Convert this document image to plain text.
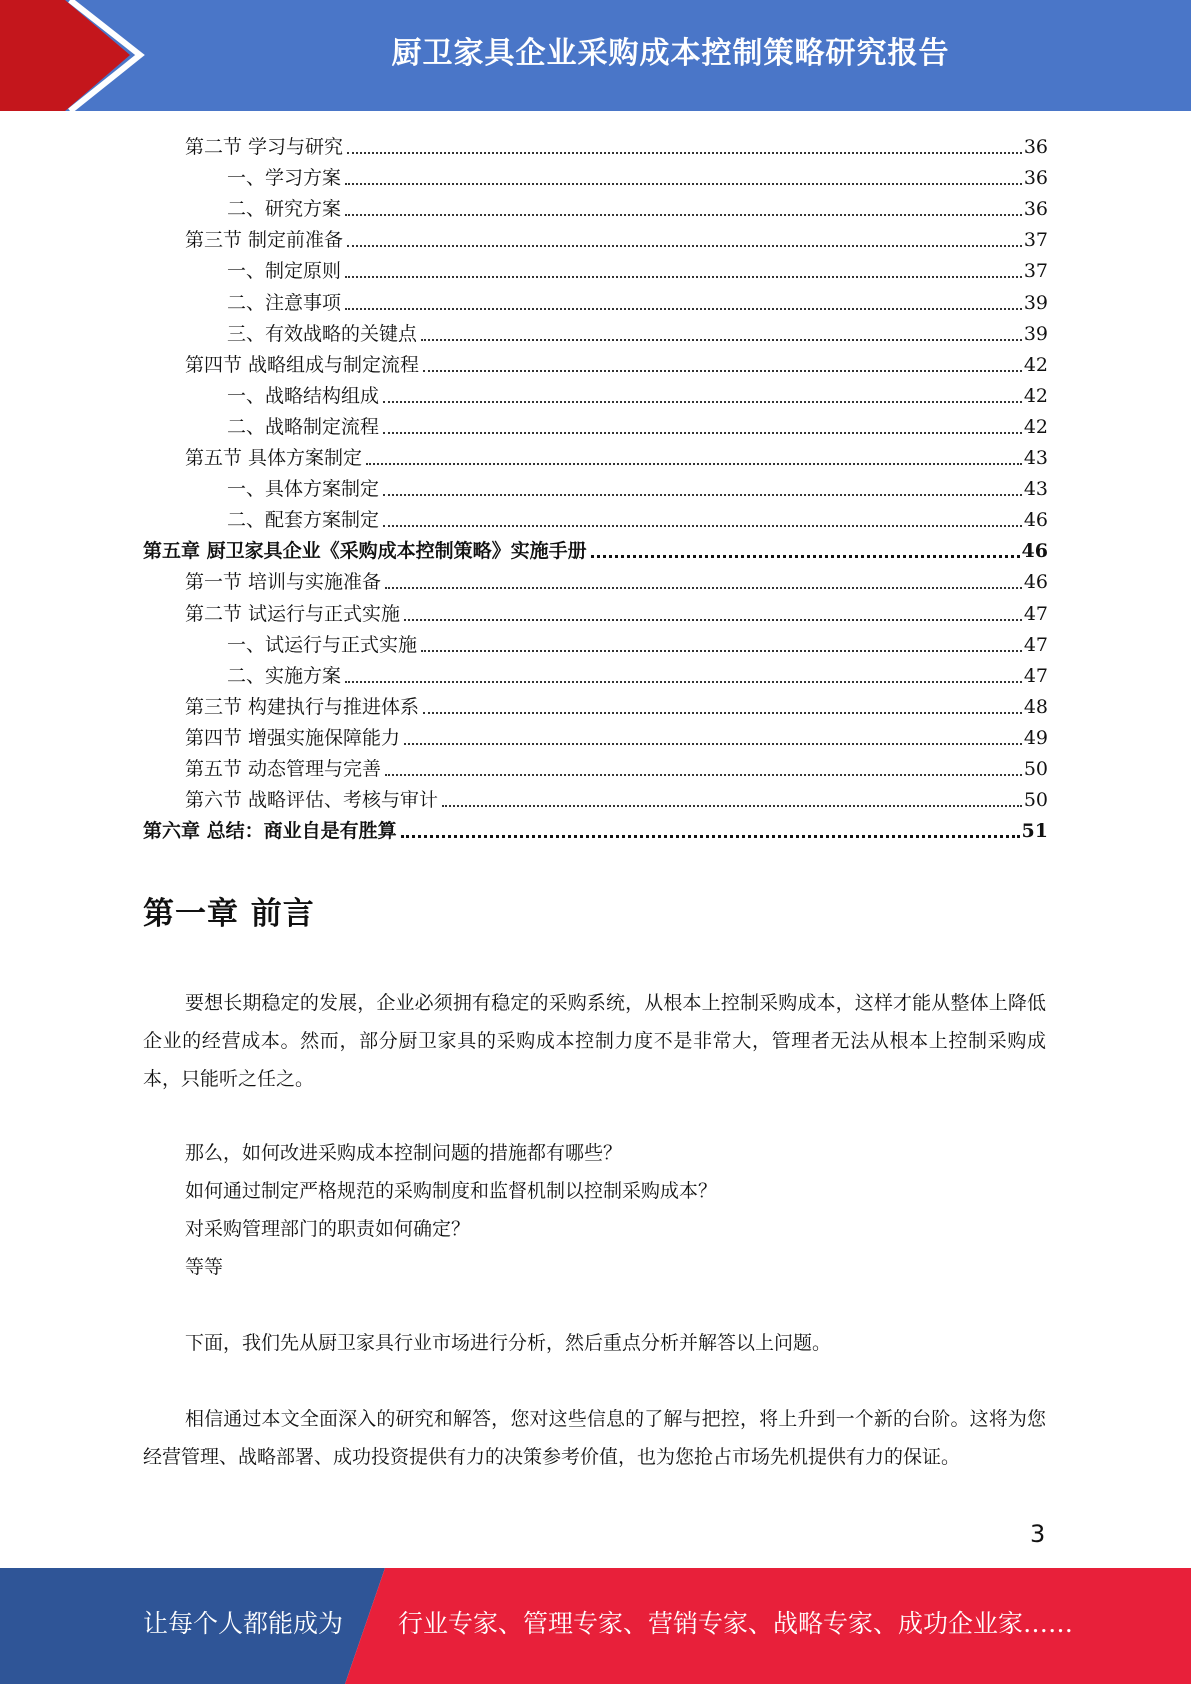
厨卫家具企业采购成本控制策略研究报告
第二节 学习与研究	36
一、学习方案	36
二、研究方案	36
第三节 制定前准备	37
一、制定原则	37
二、注意事项	39
三、有效战略的关键点	39
第四节 战略组成与制定流程	42
一、战略结构组成	42
二、战略制定流程	42
第五节 具体方案制定	43
一、具体方案制定	43
二、配套方案制定	46
第五章 厨卫家具企业《采购成本控制策略》实施手册	46
第一节 培训与实施准备	46
第二节 试运行与正式实施	47
一、试运行与正式实施	47
二、实施方案	47
第三节 构建执行与推进体系	48
第四节 增强实施保障能力	49
第五节 动态管理与完善	50
第六节 战略评估、考核与审计	50
第六章 总结：商业自是有胜算	51
第一章 前言
要想长期稳定的发展，企业必须拥有稳定的采购系统，从根本上控制采购成本，这样才能从整体上降低企业的经营成本。然而，部分厨卫家具的采购成本控制力度不是非常大，管理者无法从根本上控制采购成本，只能听之任之。
那么，如何改进采购成本控制问题的措施都有哪些？
如何通过制定严格规范的采购制度和监督机制以控制采购成本？
对采购管理部门的职责如何确定？
等等
下面，我们先从厨卫家具行业市场进行分析，然后重点分析并解答以上问题。
相信通过本文全面深入的研究和解答，您对这些信息的了解与把控，将上升到一个新的台阶。这将为您经营管理、战略部署、成功投资提供有力的决策参考价值，也为您抢占市场先机提供有力的保证。
3
让每个人都能成为 行业专家、管理专家、营销专家、战略专家、成功企业家……
